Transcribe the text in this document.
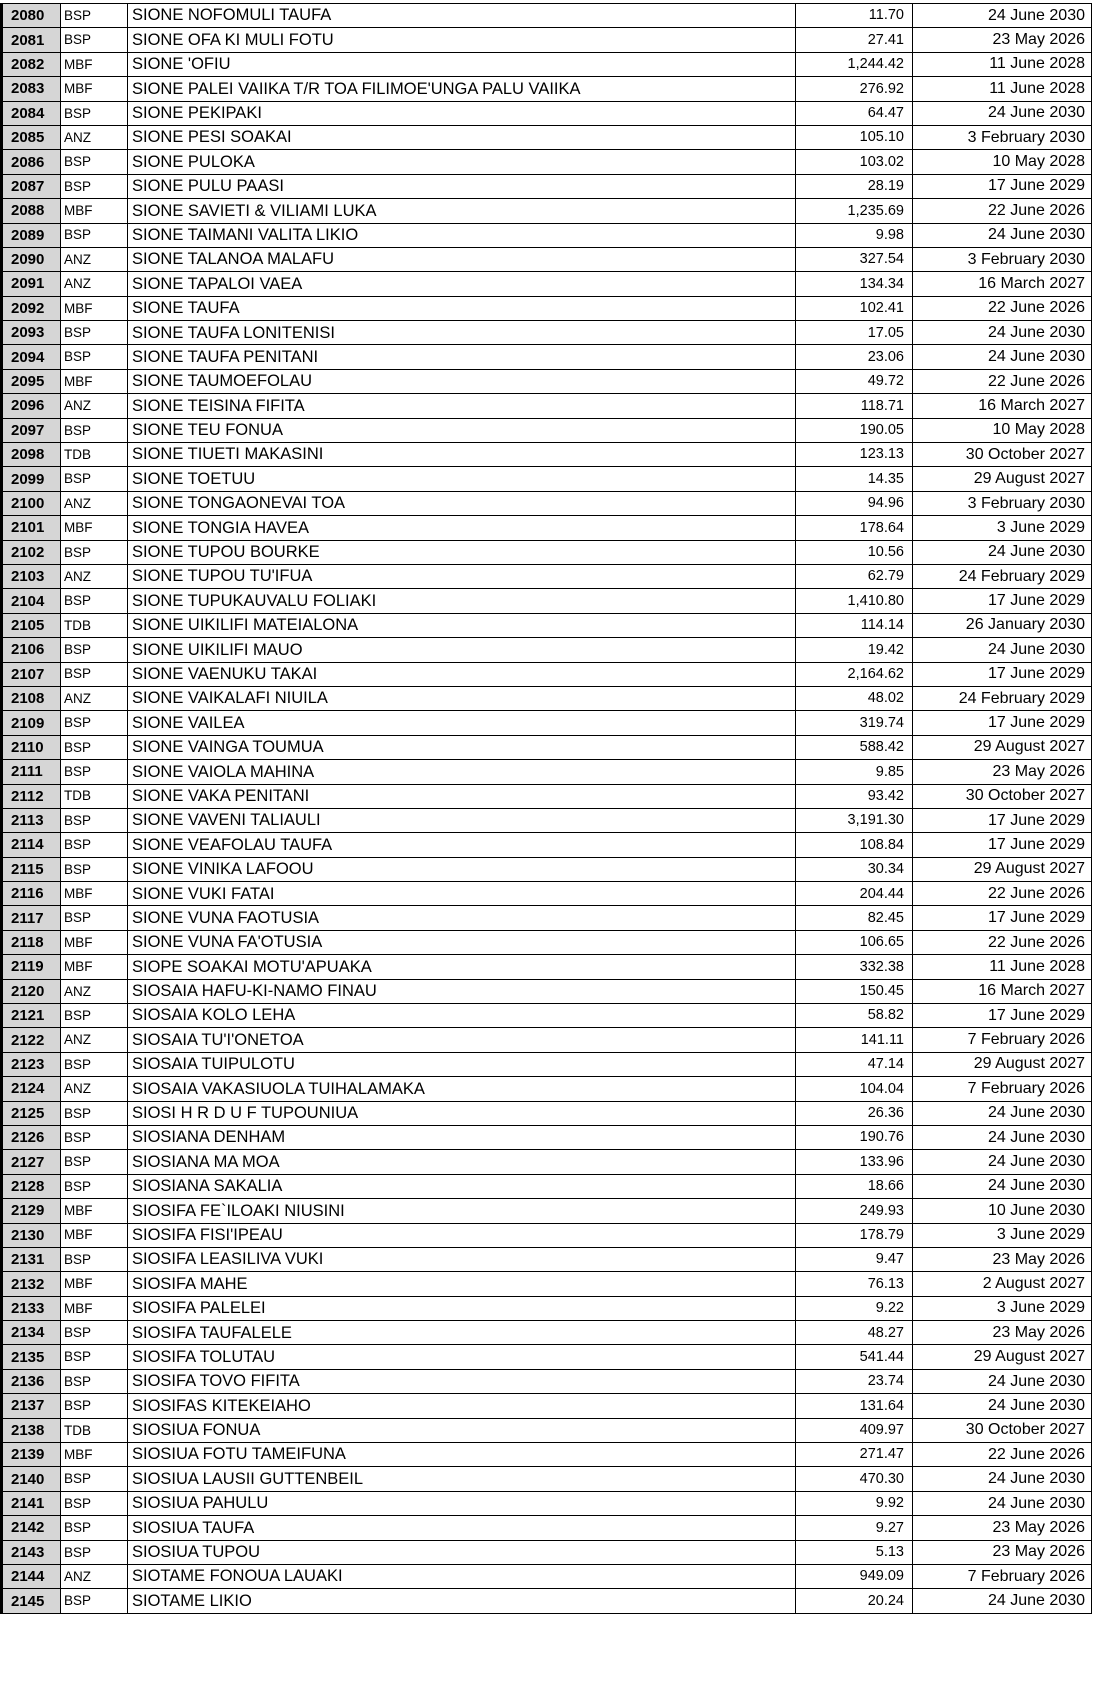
2080	BSP	SIONE NOFOMULI TAUFA	11.70	24 June 2030
2081	BSP	SIONE OFA KI MULI FOTU	27.41	23 May 2026
2082	MBF	SIONE 'OFIU	1,244.42	11 June 2028
2083	MBF	SIONE PALEI VAIIKA T/R TOA FILIMOE'UNGA PALU VAIIKA	276.92	11 June 2028
2084	BSP	SIONE PEKIPAKI	64.47	24 June 2030
2085	ANZ	SIONE PESI SOAKAI	105.10	3 February 2030
2086	BSP	SIONE PULOKA	103.02	10 May 2028
2087	BSP	SIONE PULU PAASI	28.19	17 June 2029
2088	MBF	SIONE SAVIETI & VILIAMI LUKA	1,235.69	22 June 2026
2089	BSP	SIONE TAIMANI VALITA LIKIO	9.98	24 June 2030
2090	ANZ	SIONE TALANOA MALAFU	327.54	3 February 2030
2091	ANZ	SIONE TAPALOI VAEA	134.34	16 March 2027
2092	MBF	SIONE TAUFA	102.41	22 June 2026
2093	BSP	SIONE TAUFA LONITENISI	17.05	24 June 2030
2094	BSP	SIONE TAUFA PENITANI	23.06	24 June 2030
2095	MBF	SIONE TAUMOEFOLAU	49.72	22 June 2026
2096	ANZ	SIONE TEISINA FIFITA	118.71	16 March 2027
2097	BSP	SIONE TEU FONUA	190.05	10 May 2028
2098	TDB	SIONE TIUETI MAKASINI	123.13	30 October 2027
2099	BSP	SIONE TOETUU	14.35	29 August 2027
2100	ANZ	SIONE TONGAONEVAI TOA	94.96	3 February 2030
2101	MBF	SIONE TONGIA HAVEA	178.64	3 June 2029
2102	BSP	SIONE TUPOU BOURKE	10.56	24 June 2030
2103	ANZ	SIONE TUPOU TU'IFUA	62.79	24 February 2029
2104	BSP	SIONE TUPUKAUVALU FOLIAKI	1,410.80	17 June 2029
2105	TDB	SIONE UIKILIFI MATEIALONA	114.14	26 January 2030
2106	BSP	SIONE UIKILIFI MAUO	19.42	24 June 2030
2107	BSP	SIONE VAENUKU TAKAI	2,164.62	17 June 2029
2108	ANZ	SIONE VAIKALAFI NIUILA	48.02	24 February 2029
2109	BSP	SIONE VAILEA	319.74	17 June 2029
2110	BSP	SIONE VAINGA TOUMUA	588.42	29 August 2027
2111	BSP	SIONE VAIOLA MAHINA	9.85	23 May 2026
2112	TDB	SIONE VAKA PENITANI	93.42	30 October 2027
2113	BSP	SIONE VAVENI TALIAULI	3,191.30	17 June 2029
2114	BSP	SIONE VEAFOLAU TAUFA	108.84	17 June 2029
2115	BSP	SIONE VINIKA LAFOOU	30.34	29 August 2027
2116	MBF	SIONE VUKI FATAI	204.44	22 June 2026
2117	BSP	SIONE VUNA FAOTUSIA	82.45	17 June 2029
2118	MBF	SIONE VUNA FA'OTUSIA	106.65	22 June 2026
2119	MBF	SIOPE SOAKAI MOTU'APUAKA	332.38	11 June 2028
2120	ANZ	SIOSAIA HAFU-KI-NAMO FINAU	150.45	16 March 2027
2121	BSP	SIOSAIA KOLO LEHA	58.82	17 June 2029
2122	ANZ	SIOSAIA TU'I'ONETOA	141.11	7 February 2026
2123	BSP	SIOSAIA TUIPULOTU	47.14	29 August 2027
2124	ANZ	SIOSAIA VAKASIUOLA TUIHALAMAKA	104.04	7 February 2026
2125	BSP	SIOSI H R D U F TUPOUNIUA	26.36	24 June 2030
2126	BSP	SIOSIANA DENHAM	190.76	24 June 2030
2127	BSP	SIOSIANA MA MOA	133.96	24 June 2030
2128	BSP	SIOSIANA SAKALIA	18.66	24 June 2030
2129	MBF	SIOSIFA FE`ILOAKI NIUSINI	249.93	10 June 2030
2130	MBF	SIOSIFA FISI'IPEAU	178.79	3 June 2029
2131	BSP	SIOSIFA LEASILIVA VUKI	9.47	23 May 2026
2132	MBF	SIOSIFA MAHE	76.13	2 August 2027
2133	MBF	SIOSIFA PALELEI	9.22	3 June 2029
2134	BSP	SIOSIFA TAUFALELE	48.27	23 May 2026
2135	BSP	SIOSIFA TOLUTAU	541.44	29 August 2027
2136	BSP	SIOSIFA TOVO FIFITA	23.74	24 June 2030
2137	BSP	SIOSIFAS KITEKEIAHO	131.64	24 June 2030
2138	TDB	SIOSIUA FONUA	409.97	30 October 2027
2139	MBF	SIOSIUA FOTU TAMEIFUNA	271.47	22 June 2026
2140	BSP	SIOSIUA LAUSII GUTTENBEIL	470.30	24 June 2030
2141	BSP	SIOSIUA PAHULU	9.92	24 June 2030
2142	BSP	SIOSIUA TAUFA	9.27	23 May 2026
2143	BSP	SIOSIUA TUPOU	5.13	23 May 2026
2144	ANZ	SIOTAME FONOUA LAUAKI	949.09	7 February 2026
2145	BSP	SIOTAME LIKIO	20.24	24 June 2030
